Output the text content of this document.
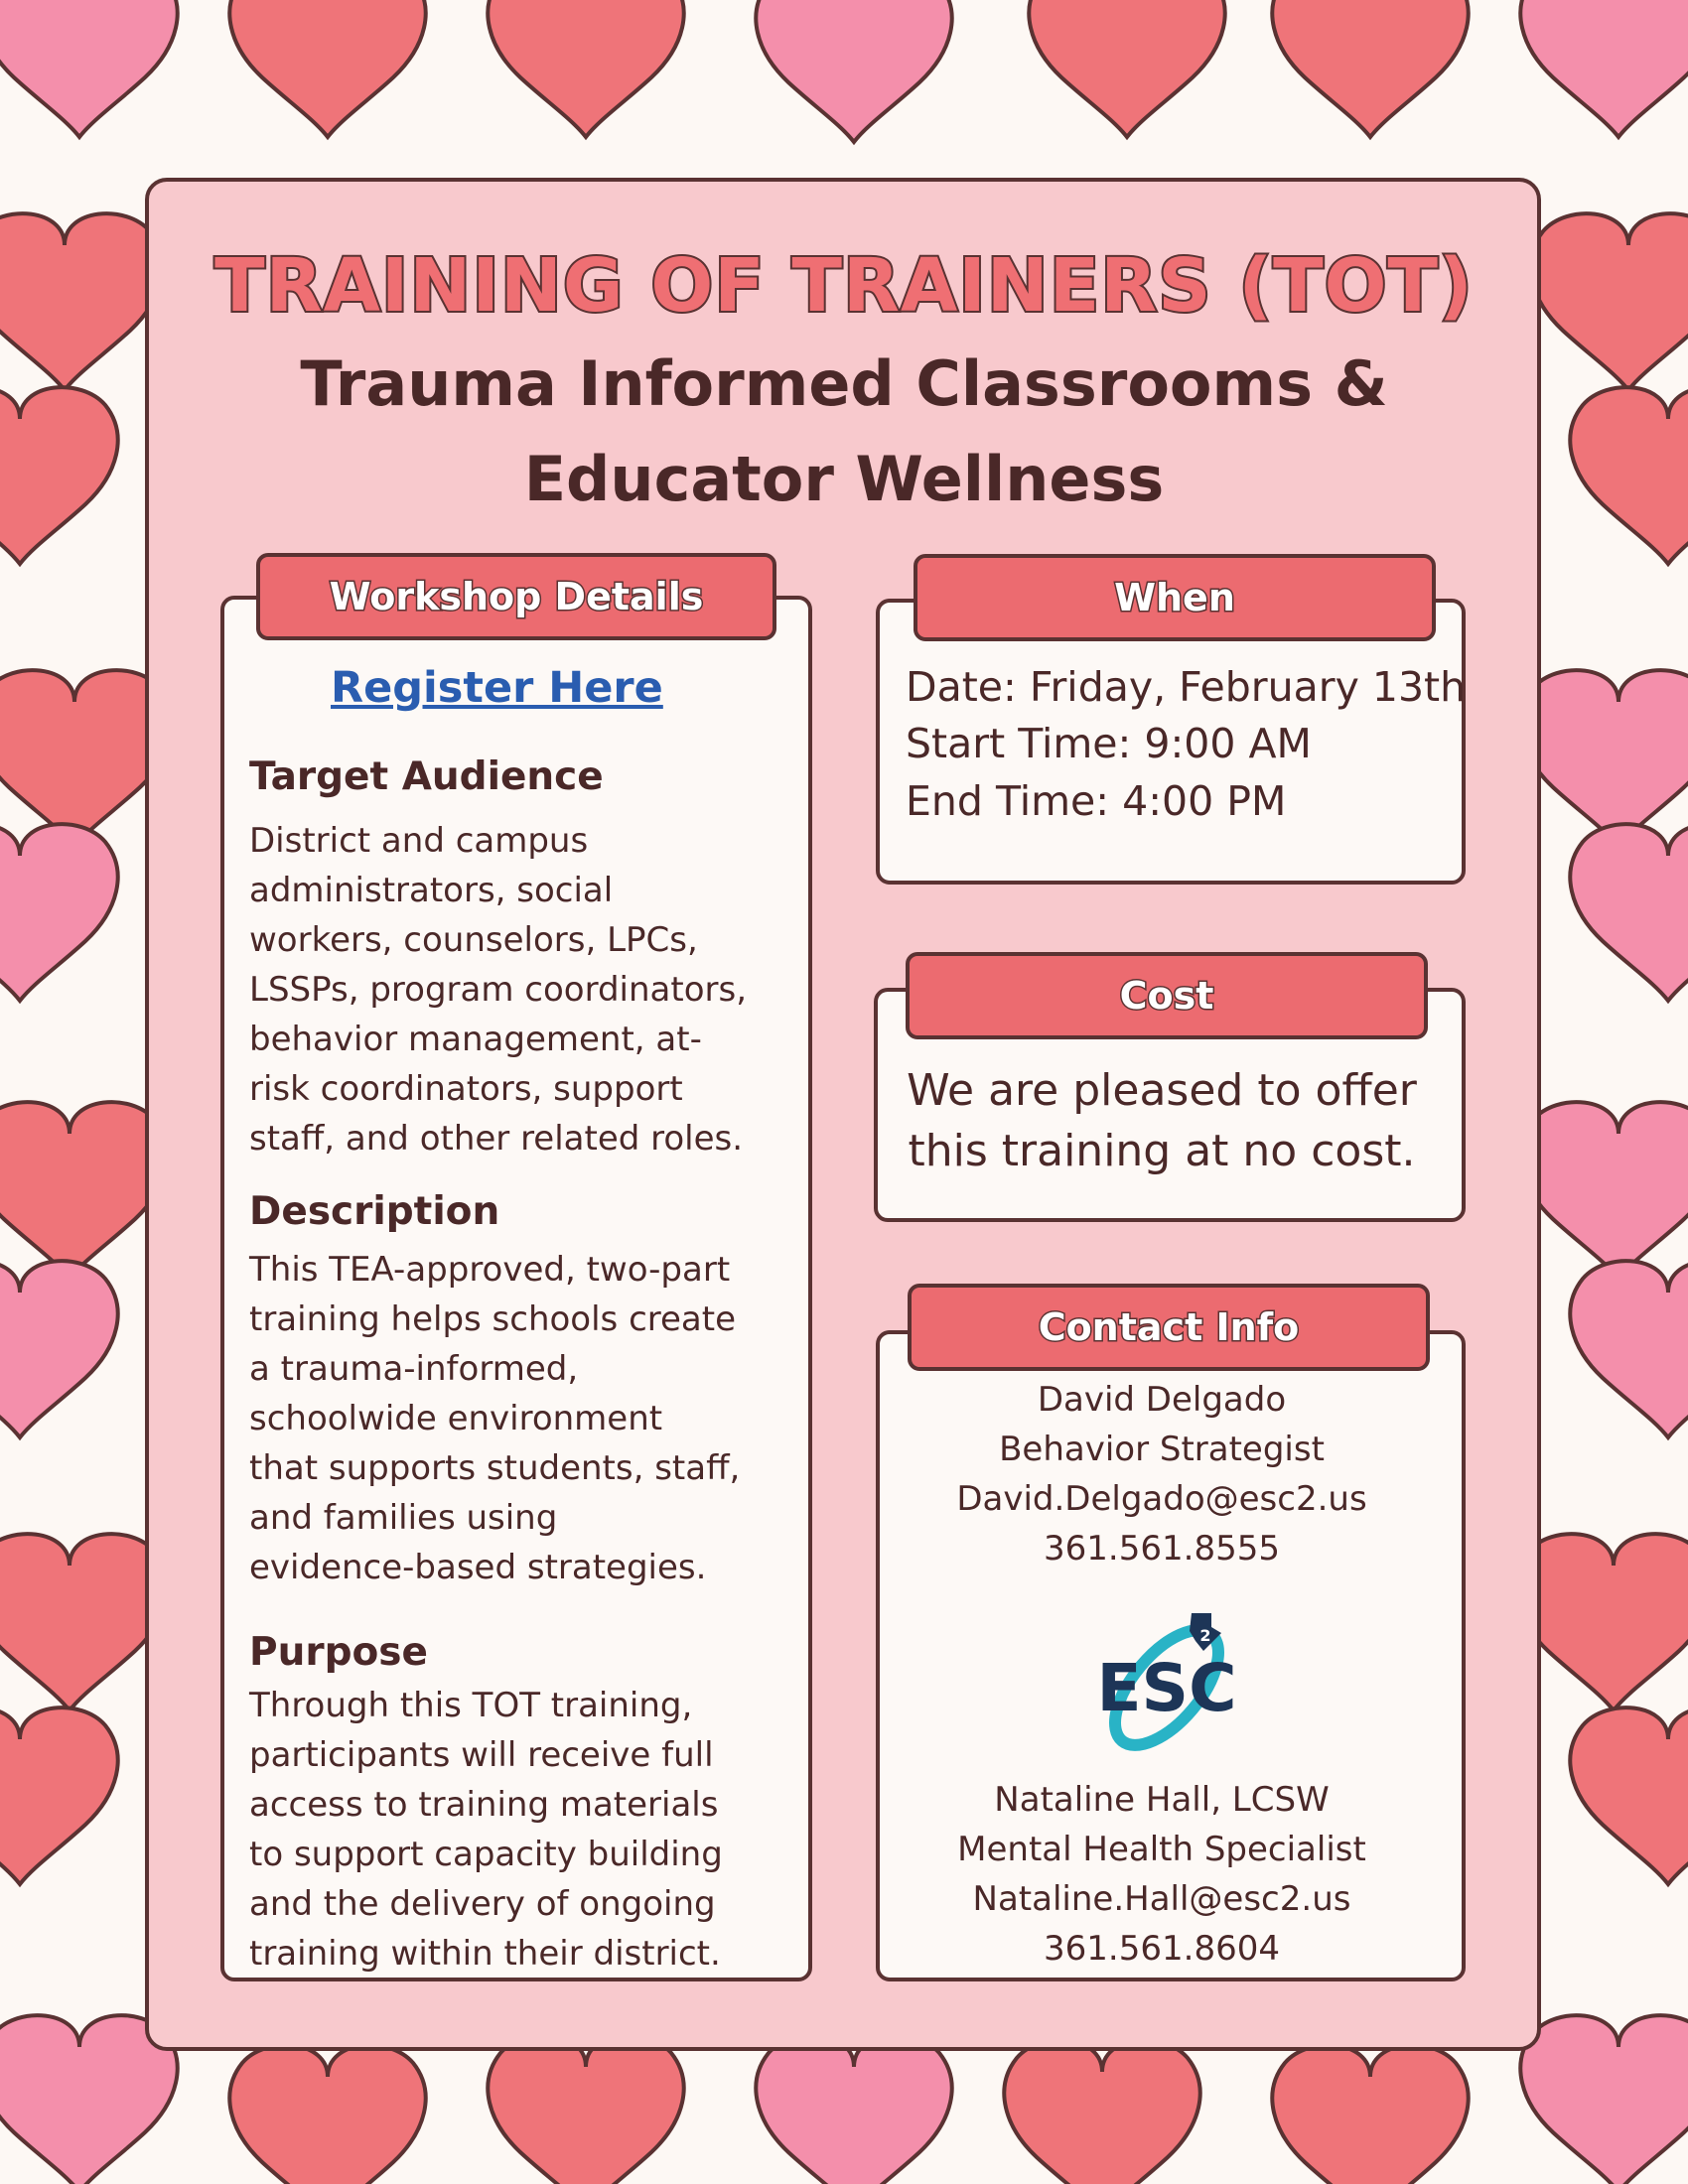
TRAINING OF TRAINERS (TOT)
Trauma Informed Classrooms &
Educator Wellness
Workshop Details
Register Here
Target Audience
District and campus
administrators, social
workers, counselors, LPCs,
LSSPs, program coordinators,
behavior management, at-
risk coordinators, support
staff, and other related roles.
Description
This TEA-approved, two-part
training helps schools create
a trauma-informed,
schoolwide environment
that supports students, staff,
and families using
evidence-based strategies.
Purpose
Through this TOT training,
participants will receive full
access to training materials
to support capacity building
and the delivery of ongoing
training within their district.
When
Date: Friday, February 13th
Start Time: 9:00 AM
End Time: 4:00 PM
Cost
We are pleased to offer
this training at no cost.
Contact Info
David Delgado
Behavior Strategist
David.Delgado@esc2.us
361.561.8555
ESC
2
Nataline Hall, LCSW
Mental Health Specialist
Nataline.Hall@esc2.us
361.561.8604
